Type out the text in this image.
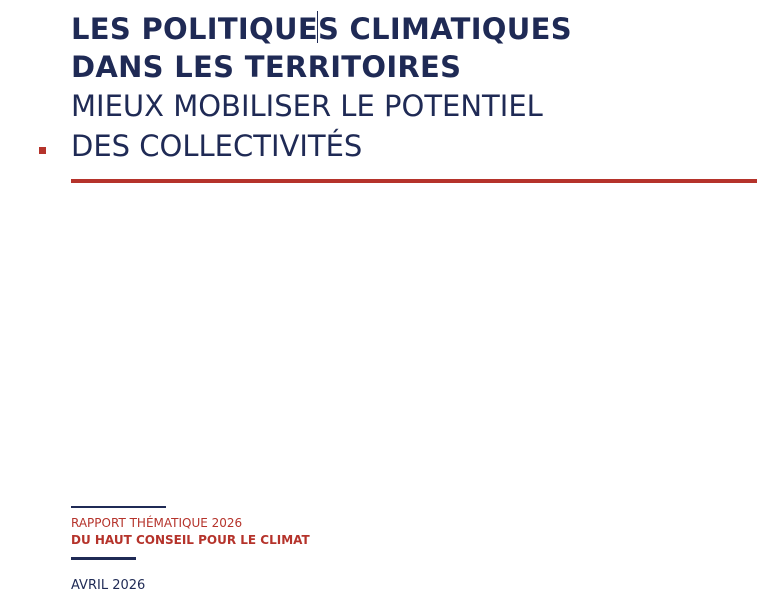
LES POLITIQUES CLIMATIQUES
DANS LES TERRITOIRES
MIEUX MOBILISER LE POTENTIEL
DES COLLECTIVITÉS
RAPPORT THÉMATIQUE 2026
DU HAUT CONSEIL POUR LE CLIMAT
AVRIL 2026
